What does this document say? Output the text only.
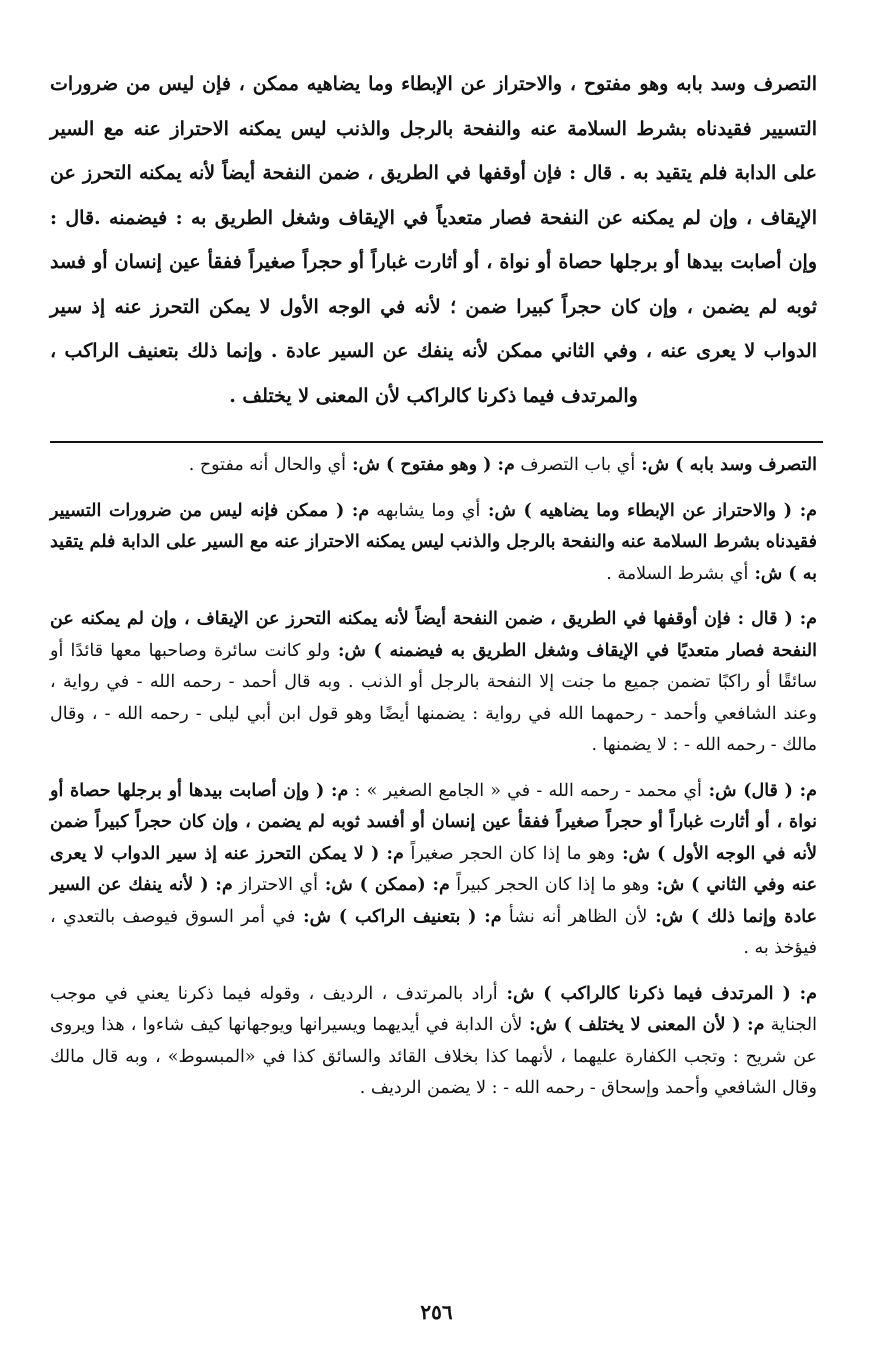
التصرف وسد بابه وهو مفتوح ، والاحتراز عن الإبطاء وما يضاهيه ممكن ، فإن ليس من ضرورات التسيير فقيدناه بشرط السلامة عنه والنفحة بالرجل والذنب ليس يمكنه الاحتراز عنه مع السير على الدابة فلم يتقيد به . قال : فإن أوقفها في الطريق ، ضمن النفحة أيضاً لأنه يمكنه التحرز عن الإيقاف ، وإن لم يمكنه عن النفحة فصار متعدياً في الإيقاف وشغل الطريق به : فيضمنه .قال : وإن أصابت بيدها أو برجلها حصاة أو نواة ، أو أثارت غباراً أو حجراً صغيراً ففقأ عين إنسان أو فسد ثوبه لم يضمن ، وإن كان حجراً كبيرا ضمن ؛ لأنه في الوجه الأول لا يمكن التحرز عنه إذ سير الدواب لا يعرى عنه ، وفي الثاني ممكن لأنه ينفك عن السير عادة . وإنما ذلك بتعنيف الراكب ، والمرتدف فيما ذكرنا كالراكب لأن المعنى لا يختلف .

التصرف وسد بابه ) ش: أي باب التصرف م: ( وهو مفتوح ) ش: أي والحال أنه مفتوح .

م: ( والاحتراز عن الإبطاء وما يضاهيه ) ش: أي وما يشابهه م: ( ممكن فإنه ليس من ضرورات التسيير فقيدناه بشرط السلامة عنه والنفحة بالرجل والذنب ليس يمكنه الاحتراز عنه مع السير على الدابة فلم يتقيد به ) ش: أي بشرط السلامة .

م: ( قال : فإن أوقفها في الطريق ، ضمن النفحة أيضاً لأنه يمكنه التحرز عن الإيقاف ، وإن لم يمكنه عن النفحة فصار متعديًا في الإيقاف وشغل الطريق به فيضمنه ) ش: ولو كانت سائرة وصاحبها معها قائدًا أو سائقًا أو راكبًا تضمن جميع ما جنت إلا النفحة بالرجل أو الذنب . وبه قال أحمد - رحمه الله - في رواية ، وعند الشافعي وأحمد - رحمهما الله في رواية : يضمنها أيضًا وهو قول ابن أبي ليلى - رحمه الله - ، وقال مالك - رحمه الله - : لا يضمنها .

م: ( قال) ش: أي محمد - رحمه الله - في « الجامع الصغير » : م: ( وإن أصابت بيدها أو برجلها حصاة أو نواة ، أو أثارت غباراً أو حجراً صغيراً ففقأ عين إنسان أو أفسد ثوبه لم يضمن ، وإن كان حجراً كبيراً ضمن لأنه في الوجه الأول ) ش: وهو ما إذا كان الحجر صغيراً م: ( لا يمكن التحرز عنه إذ سير الدواب لا يعرى عنه وفي الثاني ) ش: وهو ما إذا كان الحجر كبيراً م: (ممكن ) ش: أي الاحتراز م: ( لأنه ينفك عن السير عادة وإنما ذلك ) ش: لأن الظاهر أنه نشأ م: ( بتعنيف الراكب ) ش: في أمر السوق فيوصف بالتعدي ، فيؤخذ به .

م: ( المرتدف فيما ذكرنا كالراكب ) ش: أراد بالمرتدف ، الرديف ، وقوله فيما ذكرنا يعني في موجب الجناية م: ( لأن المعنى لا يختلف ) ش: لأن الدابة في أيديهما ويسيرانها ويوجهانها كيف شاءوا ، هذا ويروى عن شريح : وتجب الكفارة عليهما ، لأنهما كذا بخلاف القائد والسائق كذا في «المبسوط» ، وبه قال مالك وقال الشافعي وأحمد وإسحاق - رحمه الله - : لا يضمن الرديف .

٢٥٦
